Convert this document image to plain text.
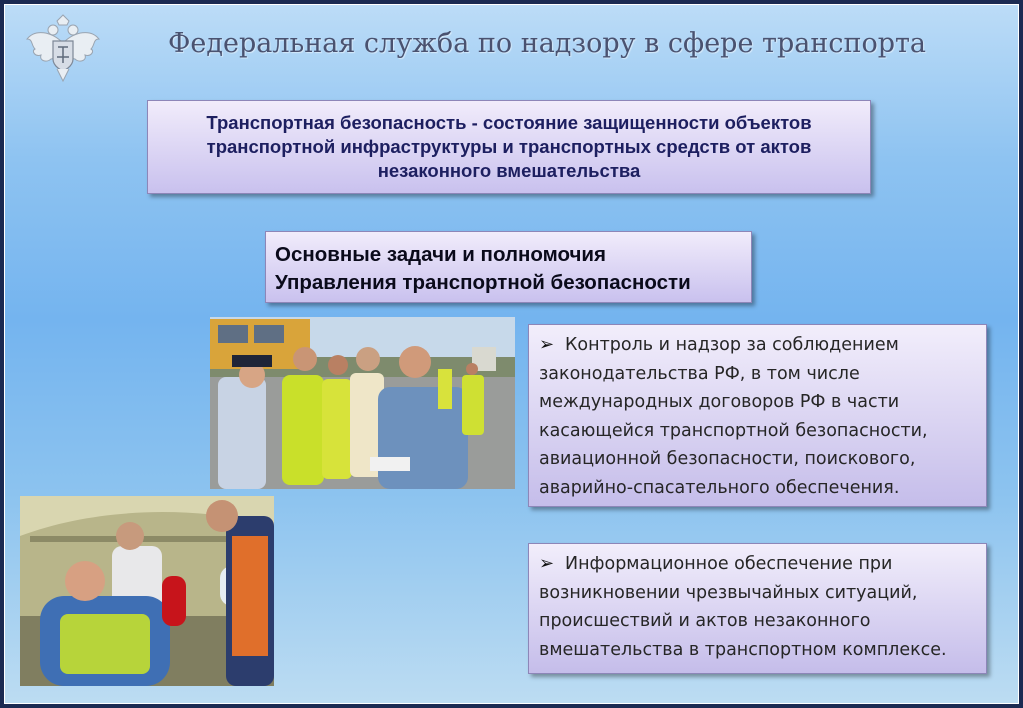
Федеральная служба по надзору в сфере транспорта
Транспортная безопасность - состояние защищенности объектов транспортной инфраструктуры и транспортных средств от актов незаконного вмешательства
Основные задачи и полномочия
Управления транспортной безопасности
➢ Контроль и надзор за соблюдением
законодательства РФ, в том числе
международных договоров РФ в части
касающейся транспортной безопасности,
авиационной безопасности, поискового,
аварийно-спасательного обеспечения.
➢ Информационное обеспечение при
возникновении чрезвычайных ситуаций,
происшествий и актов незаконного
вмешательства в транспортном комплексе.
